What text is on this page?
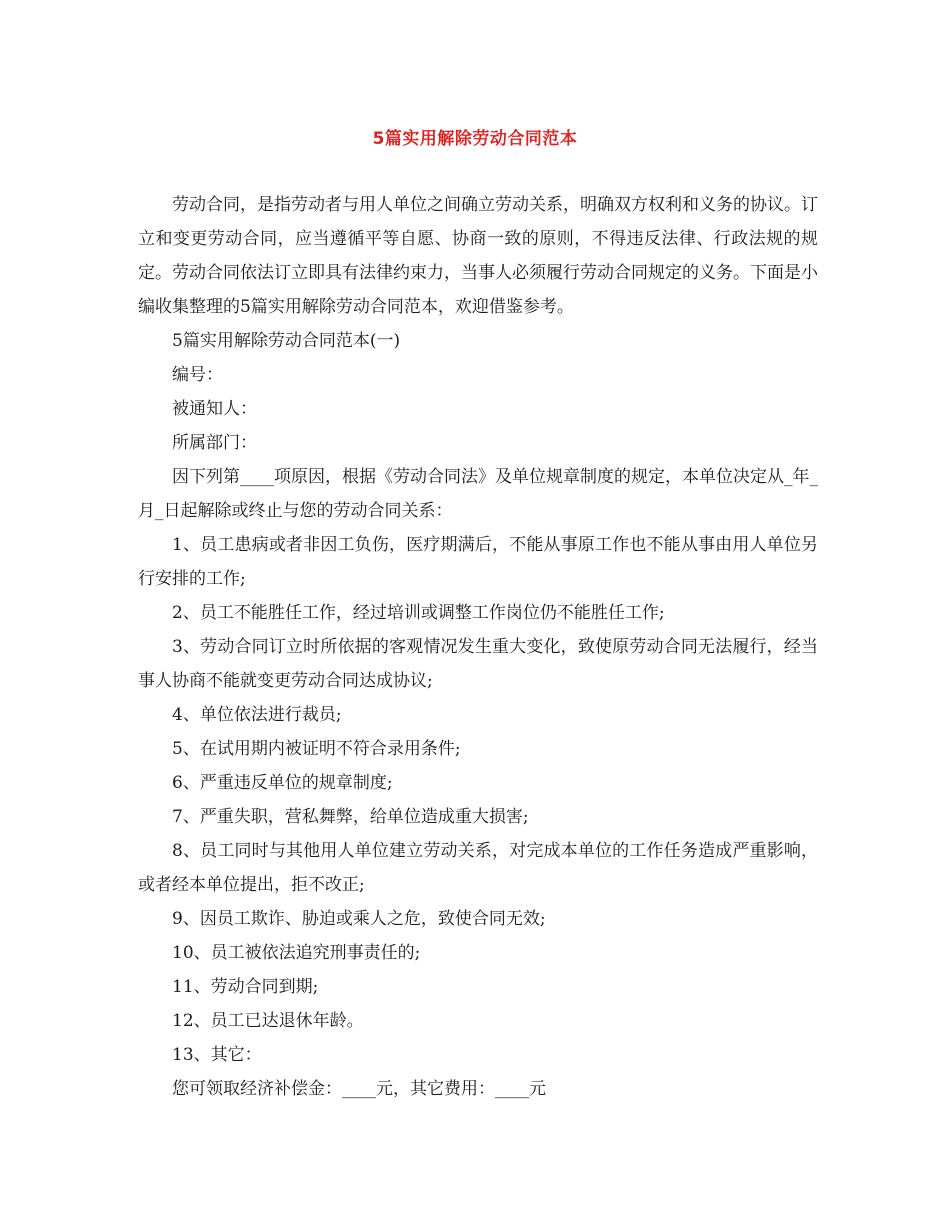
5篇实用解除劳动合同范本

劳动合同，是指劳动者与用人单位之间确立劳动关系，明确双方权利和义务的协议。订立和变更劳动合同，应当遵循平等自愿、协商一致的原则，不得违反法律、行政法规的规定。劳动合同依法订立即具有法律约束力，当事人必须履行劳动合同规定的义务。下面是小编收集整理的5篇实用解除劳动合同范本，欢迎借鉴参考。

5篇实用解除劳动合同范本(一)

编号：

被通知人：

所属部门：

因下列第____项原因，根据《劳动合同法》及单位规章制度的规定，本单位决定从_年_月_日起解除或终止与您的劳动合同关系：

1、员工患病或者非因工负伤，医疗期满后，不能从事原工作也不能从事由用人单位另行安排的工作;

2、员工不能胜任工作，经过培训或调整工作岗位仍不能胜任工作;

3、劳动合同订立时所依据的客观情况发生重大变化，致使原劳动合同无法履行，经当事人协商不能就变更劳动合同达成协议;

4、单位依法进行裁员;

5、在试用期内被证明不符合录用条件;

6、严重违反单位的规章制度;

7、严重失职，营私舞弊，给单位造成重大损害;

8、员工同时与其他用人单位建立劳动关系，对完成本单位的工作任务造成严重影响，或者经本单位提出，拒不改正;

9、因员工欺诈、胁迫或乘人之危，致使合同无效;

10、员工被依法追究刑事责任的;

11、劳动合同到期;

12、员工已达退休年龄。

13、其它：

您可领取经济补偿金：____元，其它费用：____元
